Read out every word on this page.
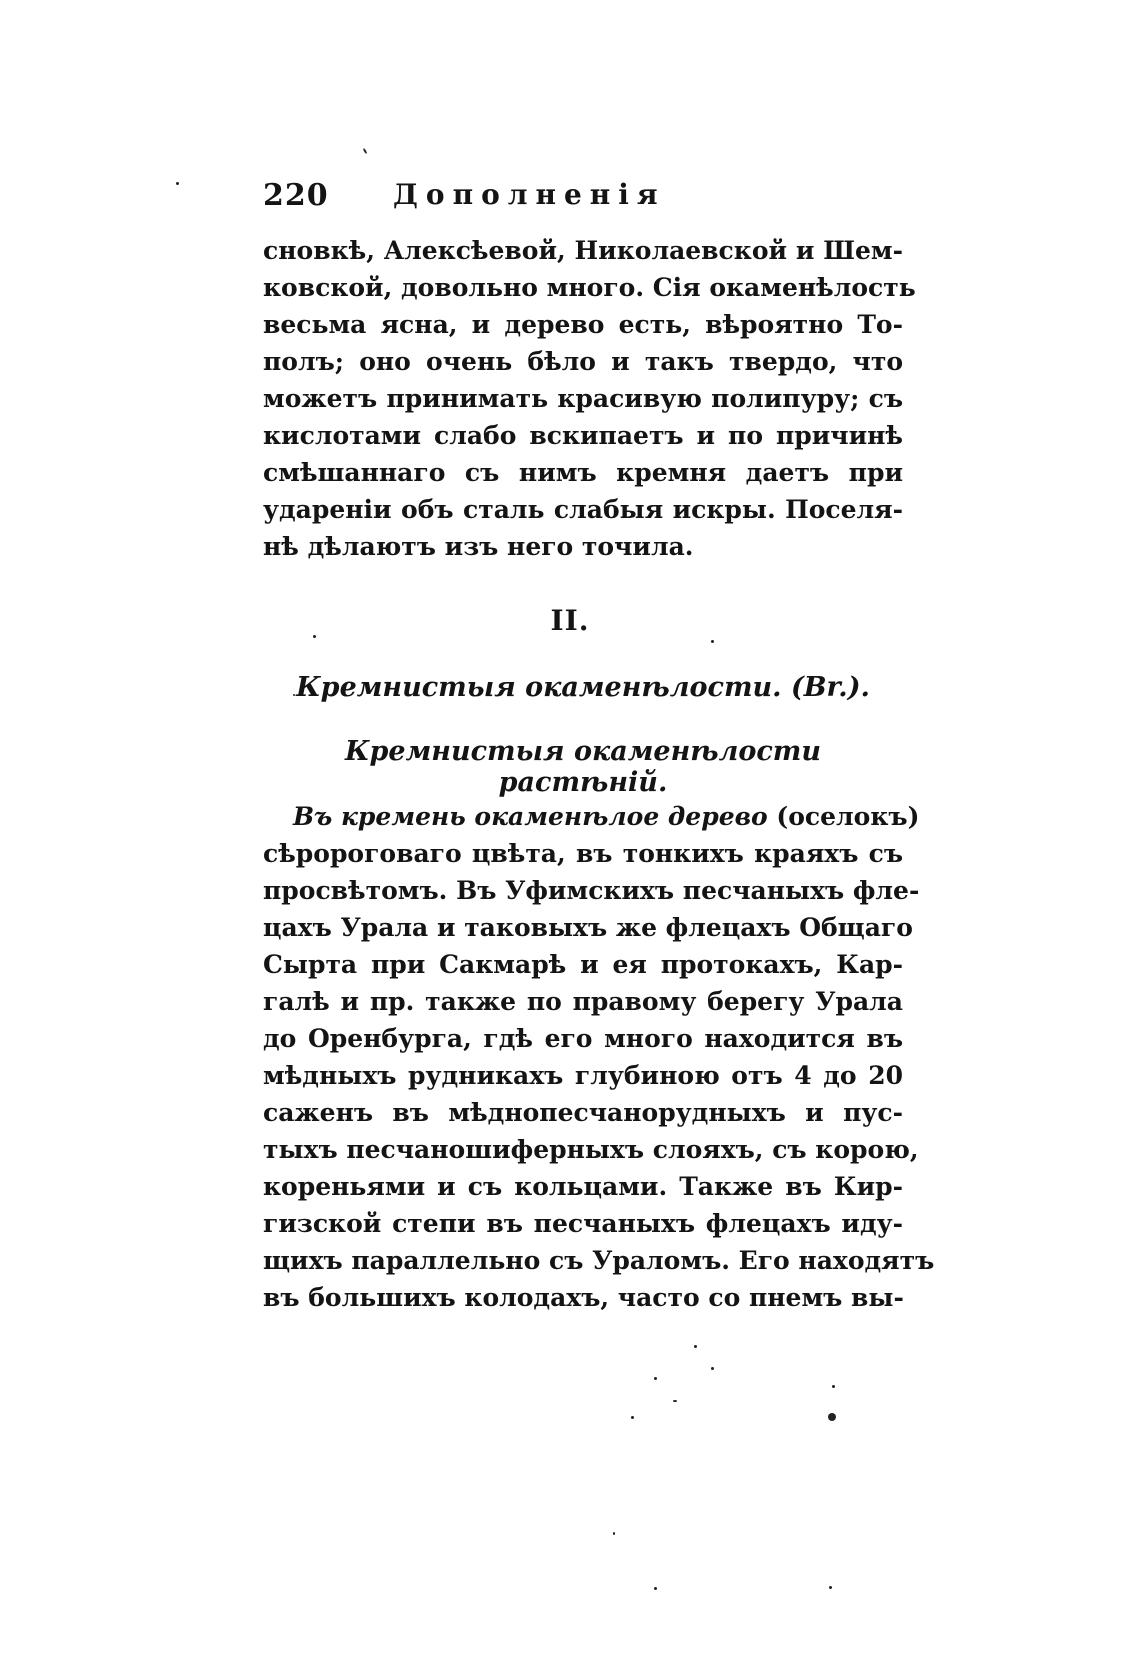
220 Дополненія
сновкѣ, Алексѣевой, Николаевской и Шем-
ковской, довольно много. Сія окаменѣлость
весьма ясна, и дерево есть, вѣроятно То-
полъ; оно очень бѣло и такъ твердо, что
можетъ принимать красивую полипуру; съ
кислотами слабо вскипаетъ и по причинѣ
смѣшаннаго съ нимъ кремня даетъ при
удареніи объ сталь слабыя искры. Поселя-
нѣ дѣлаютъ изъ него точила.
II.
Кремнистыя окаменѣлости. (Br.).
Кремнистыя окаменѣлости растѣній.
Въ кремень окаменѣлое дерево (оселокъ)
сѣророговаго цвѣта, въ тонкихъ краяхъ съ
просвѣтомъ. Въ Уфимскихъ песчаныхъ фле-
цахъ Урала и таковыхъ же флецахъ Общаго
Сырта при Сакмарѣ и ея протокахъ, Кар-
галѣ и пр. также по правому берегу Урала
до Оренбурга, гдѣ его много находится въ
мѣдныхъ рудникахъ глубиною отъ 4 до 20
саженъ въ мѣднопесчанорудныхъ и пус-
тыхъ песчаношиферныхъ слояхъ, съ корою,
кореньями и съ кольцами. Также въ Кир-
гизской степи въ песчаныхъ флецахъ иду-
щихъ параллельно съ Ураломъ. Его находятъ
въ большихъ колодахъ, часто со пнемъ вы-
